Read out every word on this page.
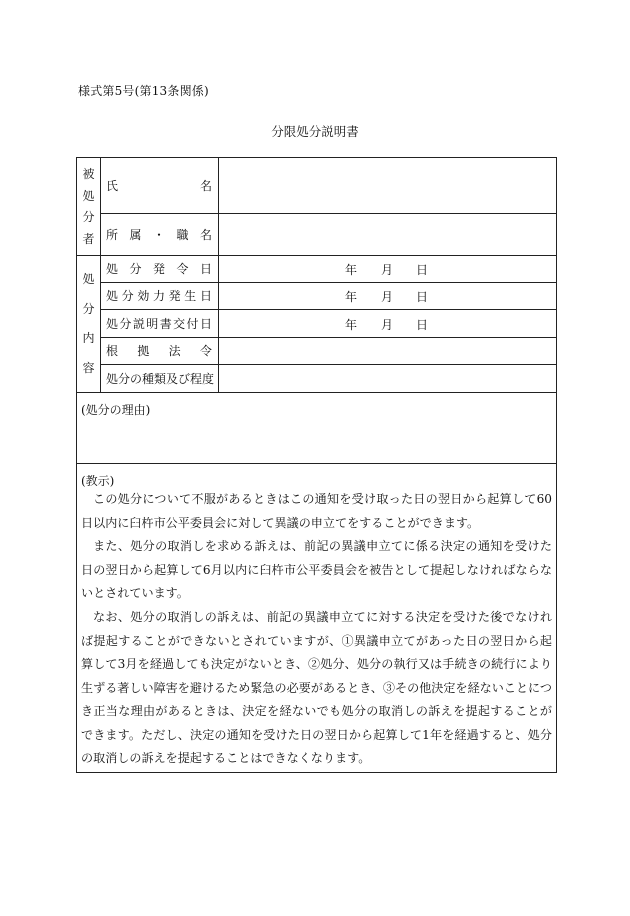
様式第5号(第13条関係)
分限処分説明書
被
処
分
者
氏	名
所 属 ・ 職 名
処
分
内
容
処 分 発 令 日
処 分 効 力 発 生 日
処 分 説 明 書 交 付 日
根 拠 法 令
処分の種類及び程度
年 月 日
年 月 日
年 月 日
(処分の理由)
(教示)

この処分について不服があるときはこの通知を受け取った日の翌日から起算して60日以内に臼杵市公平委員会に対して異議の申立てをすることができます。

また、処分の取消しを求める訴えは、前記の異議申立てに係る決定の通知を受けた日の翌日から起算して6月以内に臼杵市公平委員会を被告として提起しなければならないとされています。

なお、処分の取消しの訴えは、前記の異議申立てに対する決定を受けた後でなければ提起することができないとされていますが、①異議申立てがあった日の翌日から起算して3月を経過しても決定がないとき、②処分、処分の執行又は手続きの続行により生ずる著しい障害を避けるため緊急の必要があるとき、③その他決定を経ないことにつき正当な理由があるときは、決定を経ないでも処分の取消しの訴えを提起することができます。ただし、決定の通知を受けた日の翌日から起算して1年を経過すると、処分の取消しの訴えを提起することはできなくなります。
